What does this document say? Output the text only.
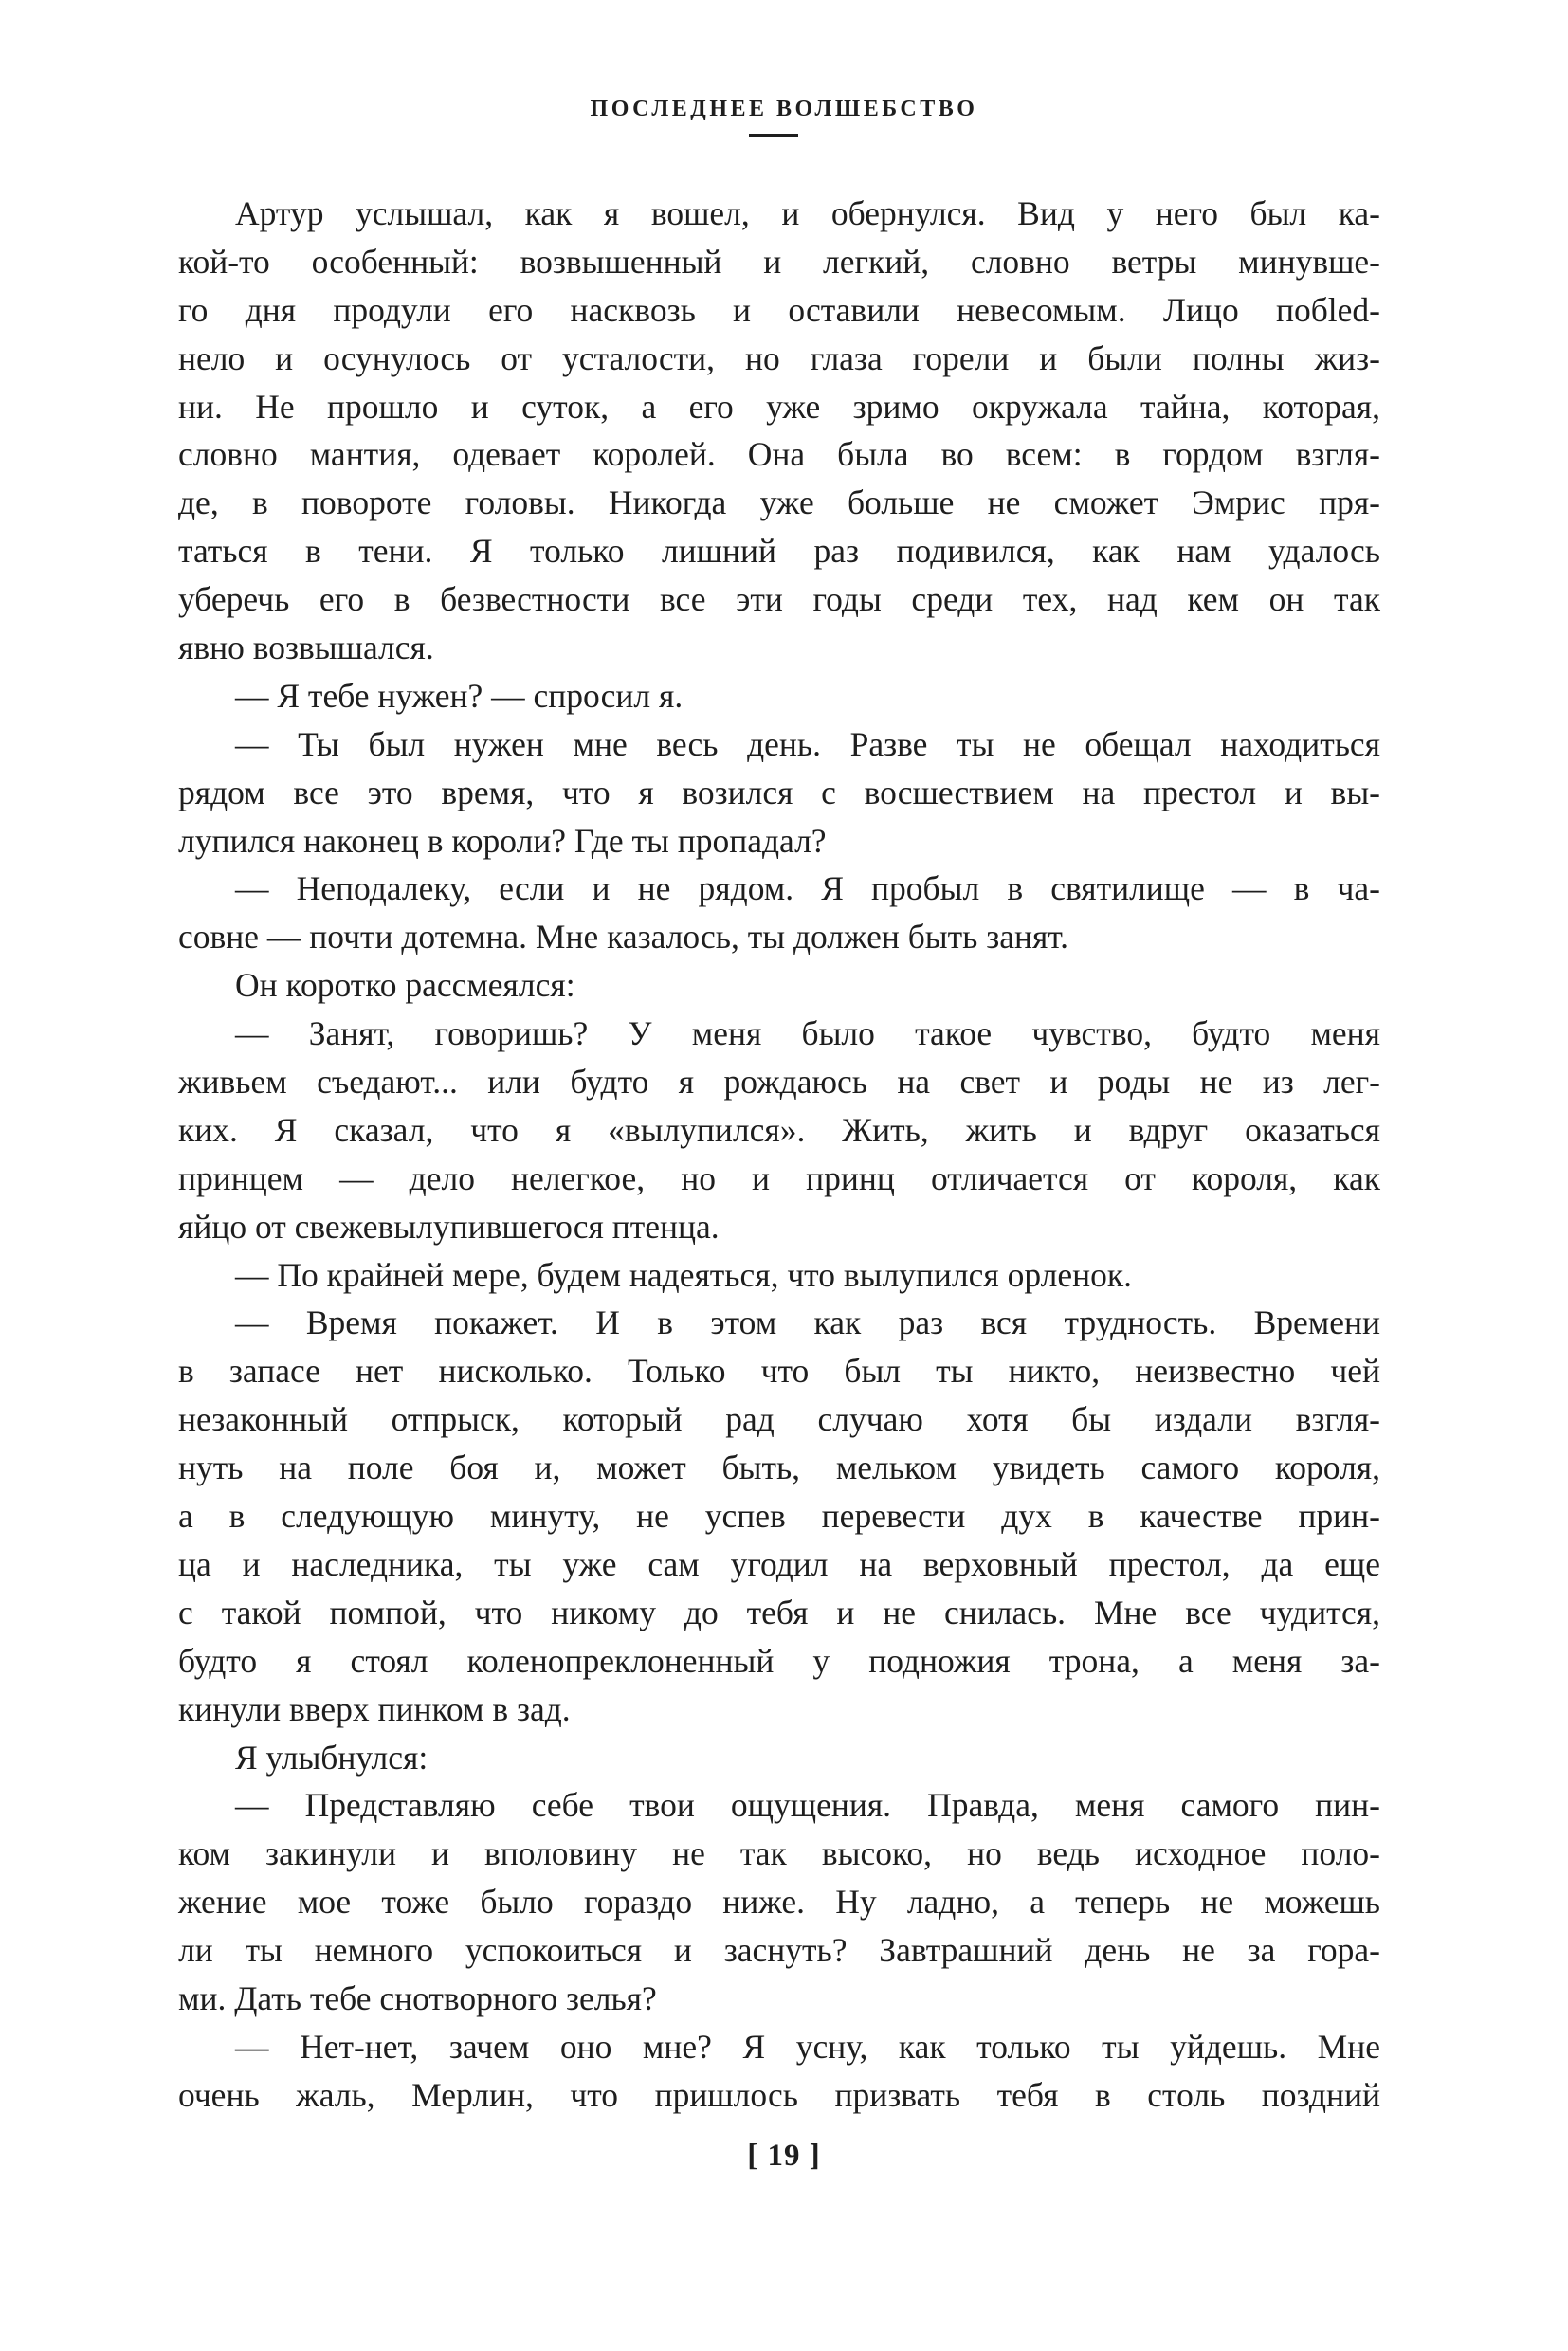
ПОСЛЕДНЕЕ ВОЛШЕБСТВО
Артур услышал, как я вошел, и обернулся. Вид у него был ка-
кой-то особенный: возвышенный и легкий, словно ветры минувше-
го дня продули его насквозь и оставили невесомым. Лицо побled-
нело и осунулось от усталости, но глаза горели и были полны жиз-
ни. Не прошло и суток, а его уже зримо окружала тайна, которая,
словно мантия, одевает королей. Она была во всем: в гордом взгля-
де, в повороте головы. Никогда уже больше не сможет Эмрис пря-
таться в тени. Я только лишний раз подивился, как нам удалось
уберечь его в безвестности все эти годы среди тех, над кем он так
явно возвышался.
— Я тебе нужен? — спросил я.
— Ты был нужен мне весь день. Разве ты не обещал находиться
рядом все это время, что я возился с восшествием на престол и вы-
лупился наконец в короли? Где ты пропадал?
— Неподалеку, если и не рядом. Я пробыл в святилище — в ча-
совне — почти дотемна. Мне казалось, ты должен быть занят.
Он коротко рассмеялся:
— Занят, говоришь? У меня было такое чувство, будто меня
живьем съедают... или будто я рождаюсь на свет и роды не из лег-
ких. Я сказал, что я «вылупился». Жить, жить и вдруг оказаться
принцем — дело нелегкое, но и принц отличается от короля, как
яйцо от свежевылупившегося птенца.
— По крайней мере, будем надеяться, что вылупился орленок.
— Время покажет. И в этом как раз вся трудность. Времени
в запасе нет нисколько. Только что был ты никто, неизвестно чей
незаконный отпрыск, который рад случаю хотя бы издали взгля-
нуть на поле боя и, может быть, мельком увидеть самого короля,
а в следующую минуту, не успев перевести дух в качестве прин-
ца и наследника, ты уже сам угодил на верховный престол, да еще
с такой помпой, что никому до тебя и не снилась. Мне все чудится,
будто я стоял коленопреклоненный у подножия трона, а меня за-
кинули вверх пинком в зад.
Я улыбнулся:
— Представляю себе твои ощущения. Правда, меня самого пин-
ком закинули и вполовину не так высоко, но ведь исходное поло-
жение мое тоже было гораздо ниже. Ну ладно, а теперь не можешь
ли ты немного успокоиться и заснуть? Завтрашний день не за гора-
ми. Дать тебе снотворного зелья?
— Нет-нет, зачем оно мне? Я усну, как только ты уйдешь. Мне
очень жаль, Мерлин, что пришлось призвать тебя в столь поздний
[ 19 ]
